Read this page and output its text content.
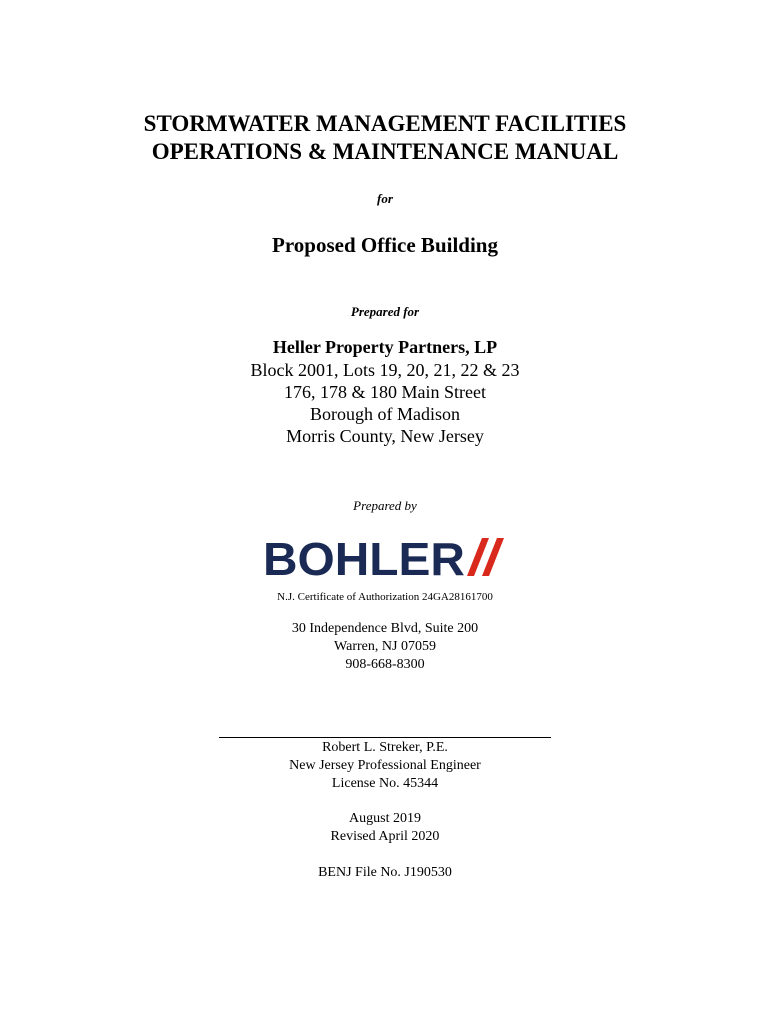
STORMWATER MANAGEMENT FACILITIES
OPERATIONS & MAINTENANCE MANUAL
for
Proposed Office Building
Prepared for
Heller Property Partners, LP
Block 2001, Lots 19, 20, 21, 22 & 23
176, 178 & 180 Main Street
Borough of Madison
Morris County, New Jersey
Prepared by
BOHLER
N.J. Certificate of Authorization 24GA28161700
30 Independence Blvd, Suite 200
Warren, NJ 07059
908-668-8300
Robert L. Streker, P.E.
New Jersey Professional Engineer
License No. 45344
August 2019
Revised April 2020
BENJ File No. J190530
